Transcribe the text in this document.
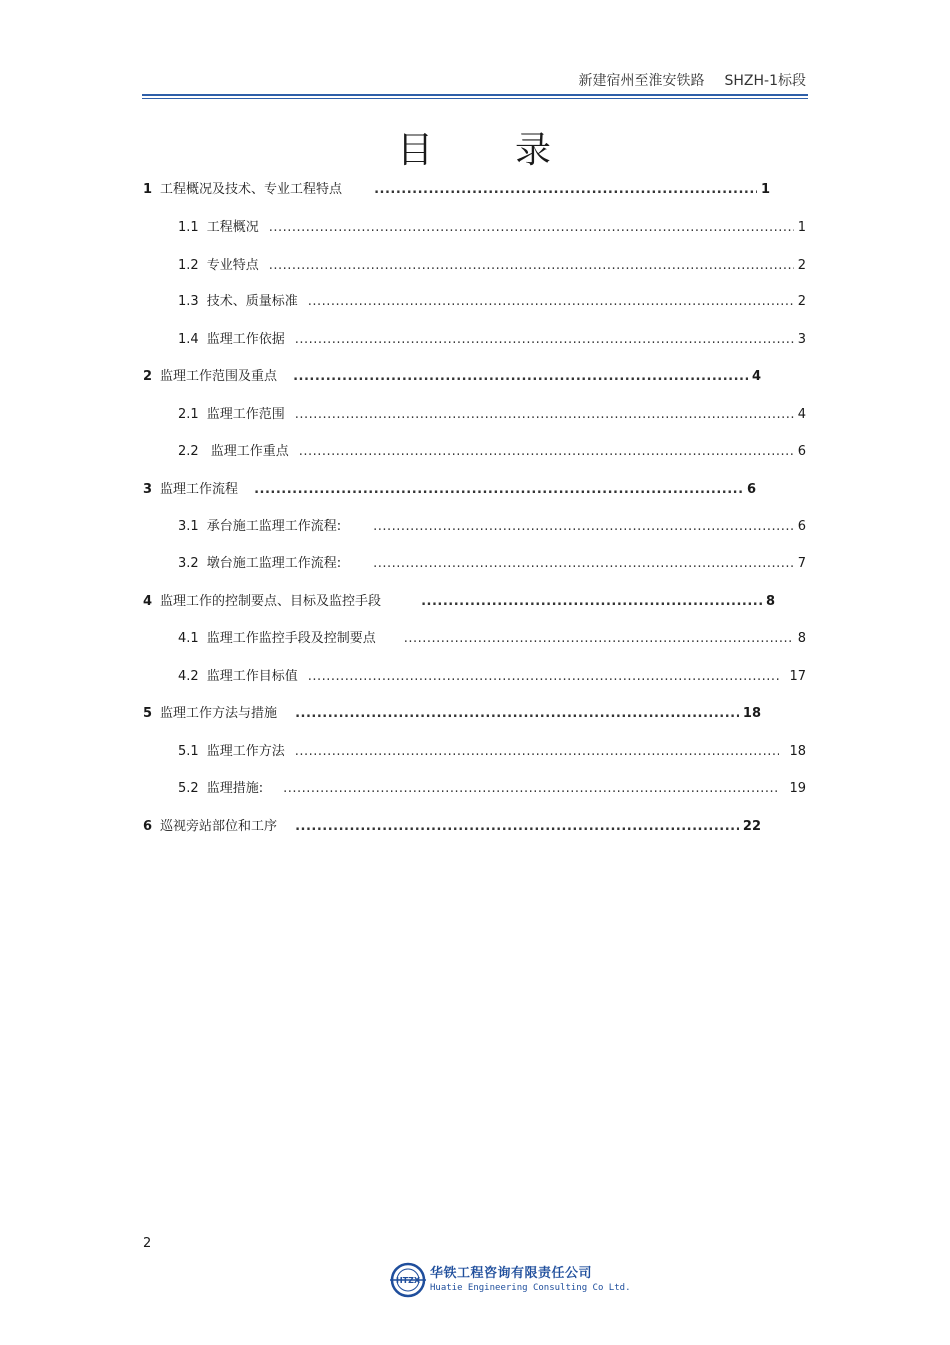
新建宿州至淮安铁路 SHZH-1标段
目 录
1 工程概况及技术、专业工程特点 .....	1
1.1 工程概况 .....	1
1.2 专业特点 .....	2
1.3 技术、质量标准 .....	2
1.4 监理工作依据 .....	3
2 监理工作范围及重点 .....	4
2.1 监理工作范围 .....	4
2.2 监理工作重点 .....	6
3 监理工作流程 .....	6
3.1 承台施工监理工作流程: .....	6
3.2 墩台施工监理工作流程: .....	7
4 监理工作的控制要点、目标及监控手段 .....	8
4.1 监理工作监控手段及控制要点 .....	8
4.2 监理工作目标值 .....	17
5 监理工作方法与措施 .....	18
5.1 监理工作方法 .....	18
5.2 监理措施: .....	19
6 巡视旁站部位和工序 .....	22
2
HTZX 华铁工程咨询有限责任公司
Huatie Engineering Consulting Co Ltd.
